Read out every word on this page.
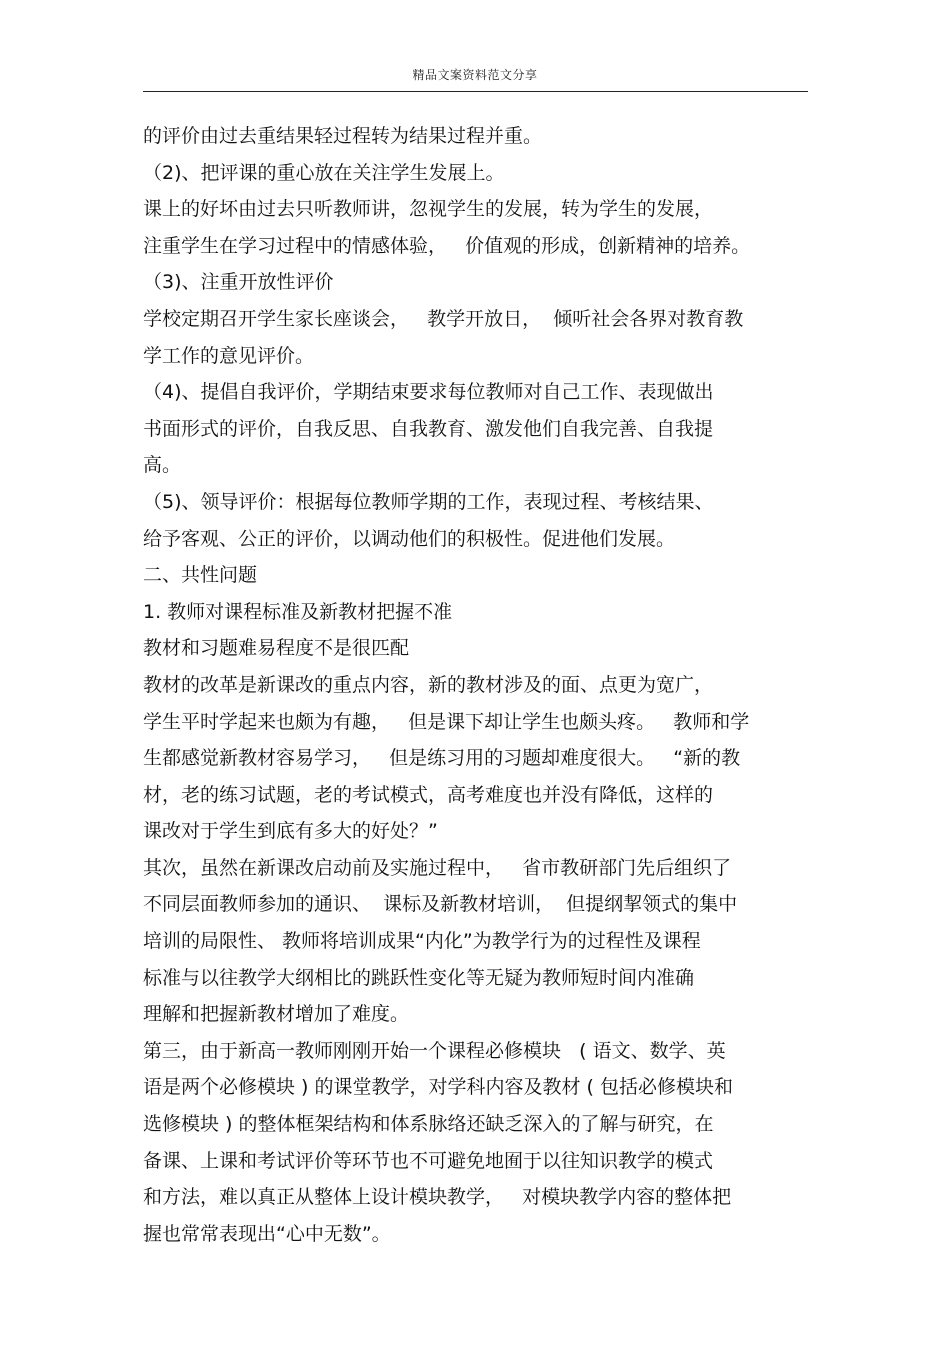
精品文案资料范文分享
的评价由过去重结果轻过程转为结果过程并重。
（2)、把评课的重心放在关注学生发展上。
课上的好坏由过去只听教师讲，忽视学生的发展，转为学生的发展，
注重学生在学习过程中的情感体验，   价值观的形成，创新精神的培养。
（3)、注重开放性评价
学校定期召开学生家长座谈会，   教学开放日，  倾听社会各界对教育教
学工作的意见评价。
（4)、提倡自我评价，学期结束要求每位教师对自己工作、表现做出
书面形式的评价，自我反思、自我教育、激发他们自我完善、自我提
高。
（5)、领导评价：根据每位教师学期的工作，表现过程、考核结果、
给予客观、公正的评价，以调动他们的积极性。促进他们发展。
二、共性问题
1. 教师对课程标准及新教材把握不准
教材和习题难易程度不是很匹配
教材的改革是新课改的重点内容，新的教材涉及的面、点更为宽广，
学生平时学起来也颇为有趣，   但是课下却让学生也颇头疼。   教师和学
生都感觉新教材容易学习，   但是练习用的习题却难度很大。   “新的教
材，老的练习试题，老的考试模式，高考难度也并没有降低，这样的
课改对于学生到底有多大的好处？”
其次，虽然在新课改启动前及实施过程中，   省市教研部门先后组织了
不同层面教师参加的通识、  课标及新教材培训，  但提纲挈领式的集中
培训的局限性、 教师将培训成果“内化”为教学行为的过程性及课程
标准与以往教学大纲相比的跳跃性变化等无疑为教师短时间内准确
理解和把握新教材增加了难度。
第三，由于新高一教师刚刚开始一个课程必修模块   ( 语文、数学、英
语是两个必修模块 ) 的课堂教学，对学科内容及教材 ( 包括必修模块和
选修模块 ) 的整体框架结构和体系脉络还缺乏深入的了解与研究，在
备课、上课和考试评价等环节也不可避免地囿于以往知识教学的模式
和方法，难以真正从整体上设计模块教学，   对模块教学内容的整体把
握也常常表现出“心中无数”。
